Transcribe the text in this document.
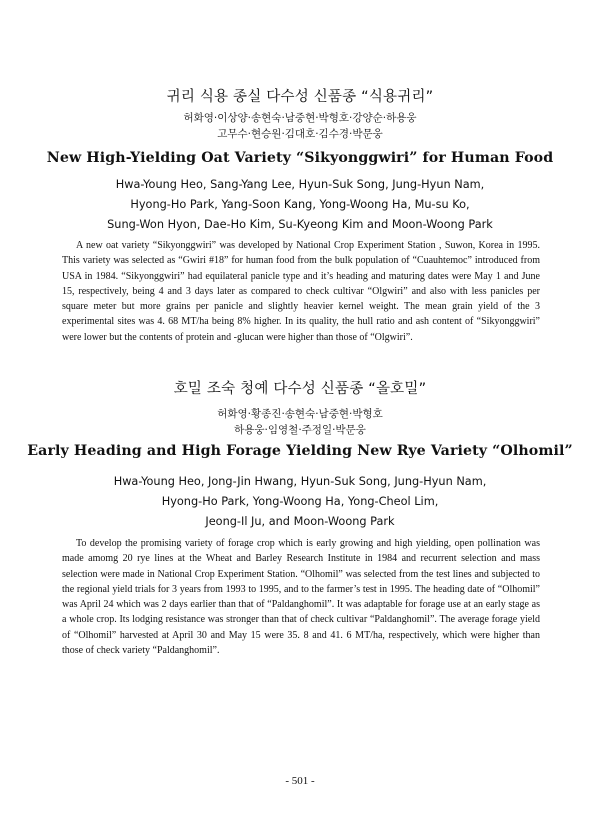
귀리 식용 종실 다수성 신품종 “식용귀리”
허화영·이상양·송현숙·남중현·박형호·강양순·하용웅
고무수·현승원·김대호·김수경·박문웅
New High-Yielding Oat Variety “Sikyonggwiri” for Human Food
Hwa-Young Heo, Sang-Yang Lee, Hyun-Suk Song, Jung-Hyun Nam,
Hyong-Ho Park, Yang-Soon Kang, Yong-Woong Ha, Mu-su Ko,
Sung-Won Hyon, Dae-Ho Kim, Su-Kyeong Kim and Moon-Woong Park

A new oat variety “Sikyonggwiri” was developed by National Crop Experiment Station , Suwon, Korea in 1995. This variety was selected as “Gwiri #18” for human food from the bulk population of “Cuauhtemoc” introduced from USA in 1984. “Sikyonggwiri” had equilateral panicle type and it’s heading and maturing dates were May 1 and June 15, respectively, being 4 and 3 days later as compared to check cultivar “Olgwiri” and also with less panicles per square meter but more grains per panicle and slightly heavier kernel weight. The mean grain yield of the 3 experimental sites was 4. 68 MT/ha being 8% higher. In its quality, the hull ratio and ash content of “Sikyonggwiri” were lower but the contents of protein and -glucan were higher than those of “Olgwiri”.

호밀 조숙 청예 다수성 신품종 “올호밀”
허화영·황종진·송현숙·남중현·박형호
하용웅·임영철·주정일·박문웅
Early Heading and High Forage Yielding New Rye Variety “Olhomil”
Hwa-Young Heo, Jong-Jin Hwang, Hyun-Suk Song, Jung-Hyun Nam,
Hyong-Ho Park, Yong-Woong Ha, Yong-Cheol Lim,
Jeong-Il Ju, and Moon-Woong Park

To develop the promising variety of forage crop which is early growing and high yielding, open pollination was made amomg 20 rye lines at the Wheat and Barley Research Institute in 1984 and recurrent selection and mass selection were made in National Crop Experiment Station. “Olhomil” was selected from the test lines and subjected to the regional yield trials for 3 years from 1993 to 1995, and to the farmer’s test in 1995. The heading date of “Olhomil” was April 24 which was 2 days earlier than that of “Paldanghomil”. It was adaptable for forage use at an early stage as a whole crop. Its lodging resistance was stronger than that of check cultivar “Paldanghomil”. The average forage yield of “Olhomil” harvested at April 30 and May 15 were 35. 8 and 41. 6 MT/ha, respectively, which were higher than those of check variety “Paldanghomil”.

- 501 -
